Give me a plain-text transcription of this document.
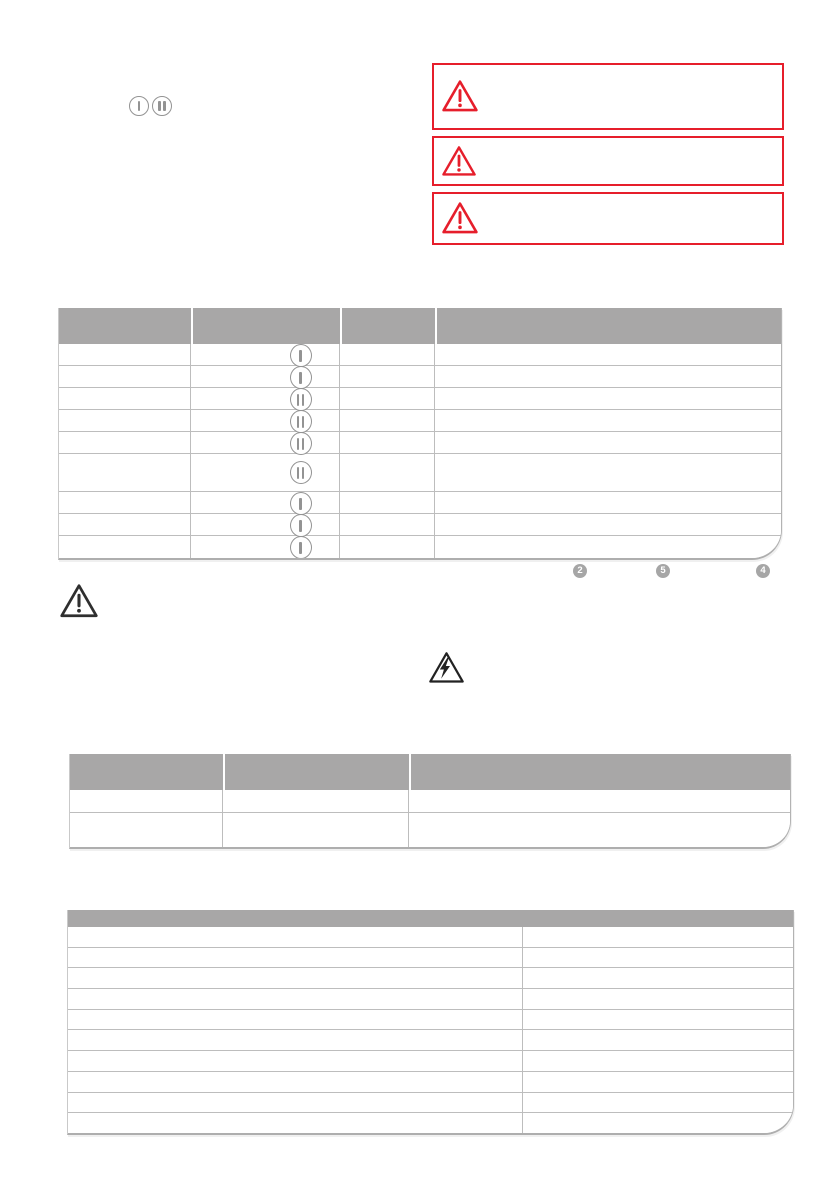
2	5	4
